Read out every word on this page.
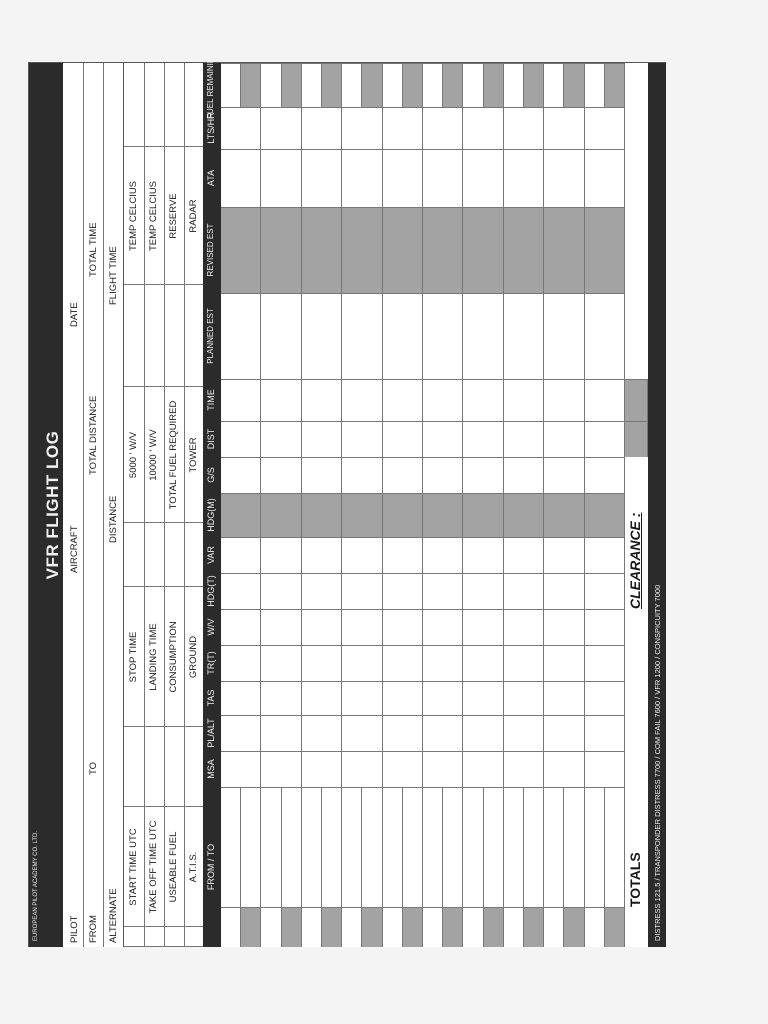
EUROPEAN PILOT ACADEMY CO. LTD.
VFR FLIGHT LOG
PILOT
AIRCRAFT
DATE
FROM
TO
TOTAL DISTANCE
TOTAL TIME
ALTERNATE
DISTANCE
FLIGHT TIME
START TIME UTC
STOP TIME
5000 ' W/V
TEMP CELCIUS
TAKE OFF TIME UTC
LANDING TIME
10000 ' W/V
TEMP CELCIUS
USEABLE FUEL
CONSUMPTION
TOTAL FUEL REQUIRED
RESERVE
A.T.I.S.
GROUND
TOWER
RADAR
FROM / TO
MSA
PL/ALT
TAS
TR(T)
W/V
HDG(T)
VAR
HDG(M)
G/S
DIST
TIME
PLANNED EST
REVISED EST
ATA
LTS/HR
FUEL REMAINING
TOTALS
CLEARANCE :
DISTRESS 121.5 / TRANSPONDER DISTRESS 7700 / COM FAIL 7600 / VFR 1200 / CONSPICUITY 7000
